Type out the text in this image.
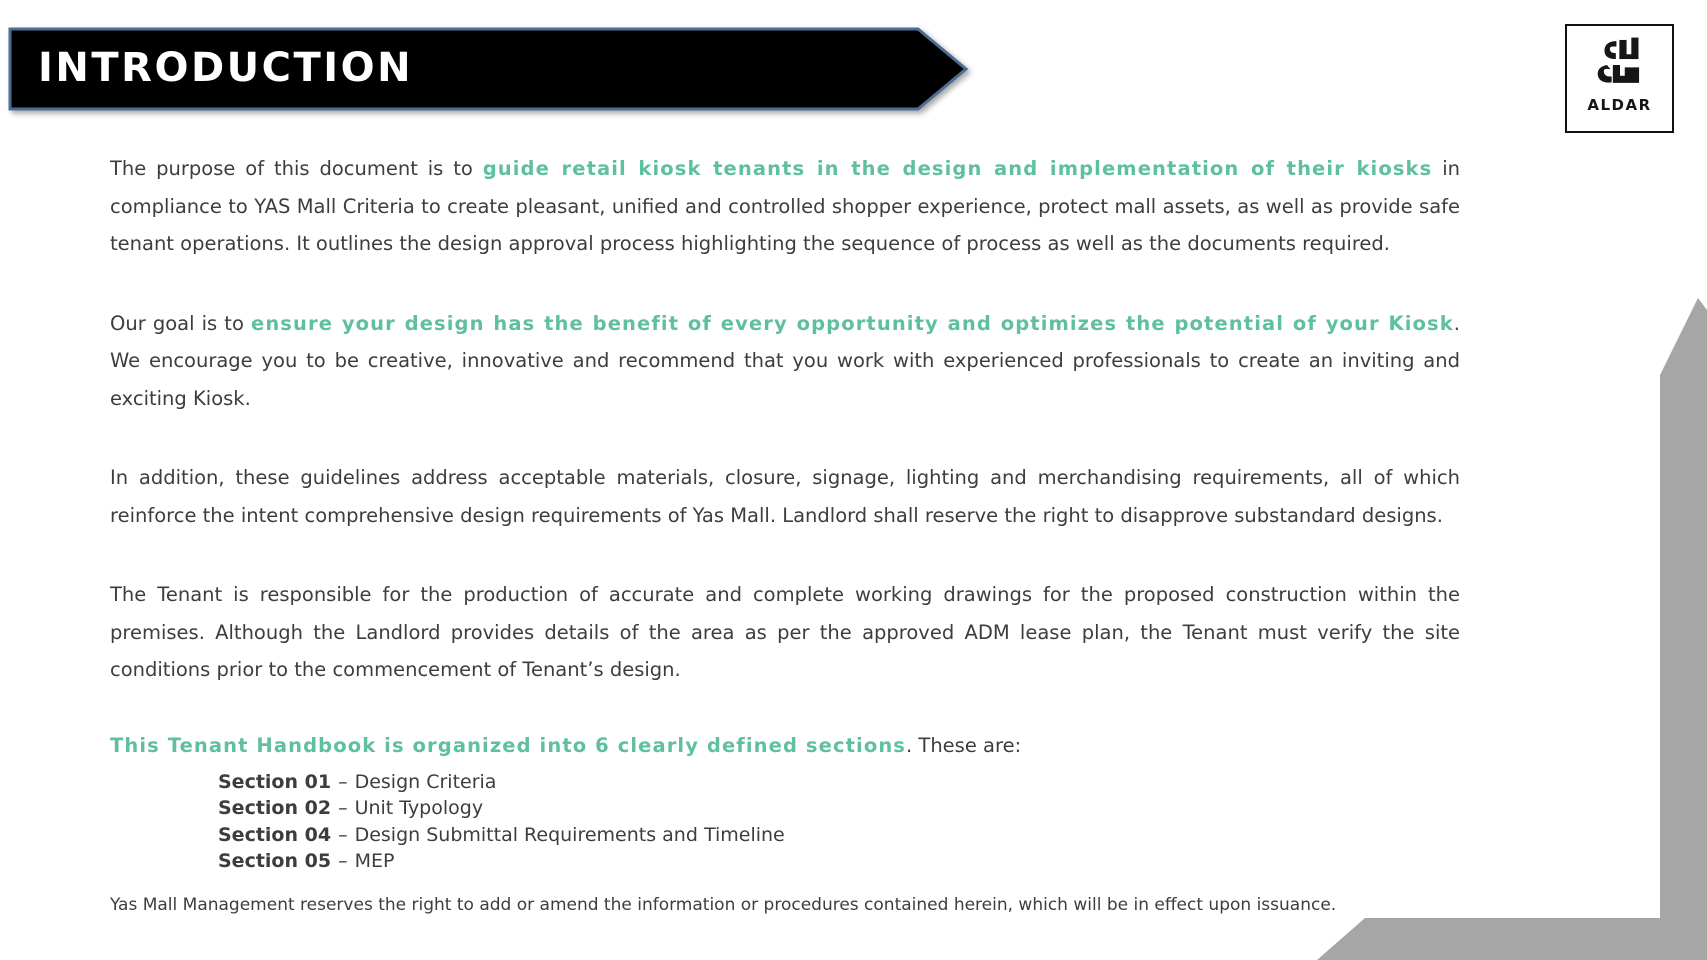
INTRODUCTION
ALDAR

The purpose of this document is to guide retail kiosk tenants in the design and implementation of their kiosks in compliance to YAS Mall Criteria to create pleasant, unified and controlled shopper experience, protect mall assets, as well as provide safe tenant operations. It outlines the design approval process highlighting the sequence of process as well as the documents required.

Our goal is to ensure your design has the benefit of every opportunity and optimizes the potential of your Kiosk. We encourage you to be creative, innovative and recommend that you work with experienced professionals to create an inviting and exciting Kiosk.

In addition, these guidelines address acceptable materials, closure, signage, lighting and merchandising requirements, all of which reinforce the intent comprehensive design requirements of Yas Mall. Landlord shall reserve the right to disapprove substandard designs.

The Tenant is responsible for the production of accurate and complete working drawings for the proposed construction within the premises. Although the Landlord provides details of the area as per the approved ADM lease plan, the Tenant must verify the site conditions prior to the commencement of Tenant’s design.

This Tenant Handbook is organized into 6 clearly defined sections. These are:

Section 01 – Design Criteria
Section 02 – Unit Typology
Section 04 – Design Submittal Requirements and Timeline
Section 05 – MEP

Yas Mall Management reserves the right to add or amend the information or procedures contained herein, which will be in effect upon issuance.
